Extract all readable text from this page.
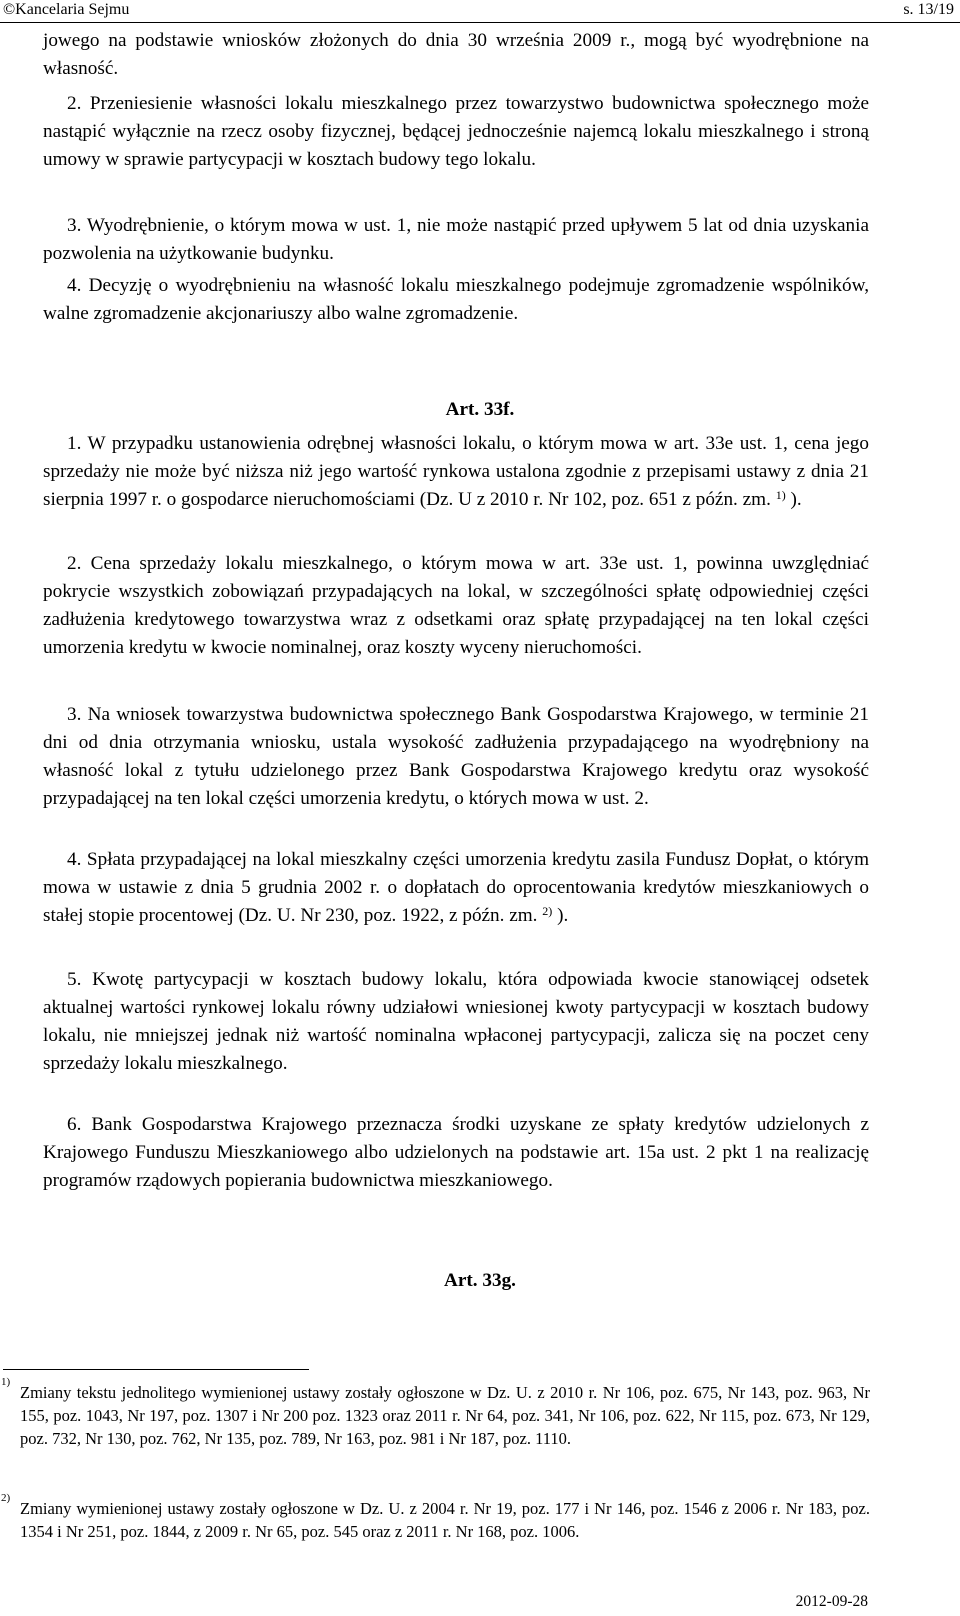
©Kancelaria Sejmu	s. 13/19
jowego na podstawie wniosków złożonych do dnia 30 września 2009 r., mogą być wyodrębnione na własność.
2. Przeniesienie własności lokalu mieszkalnego przez towarzystwo budownictwa społecznego może nastąpić wyłącznie na rzecz osoby fizycznej, będącej jednocześnie najemcą lokalu mieszkalnego i stroną umowy w sprawie partycypacji w kosztach budowy tego lokalu.
3. Wyodrębnienie, o którym mowa w ust. 1, nie może nastąpić przed upływem 5 lat od dnia uzyskania pozwolenia na użytkowanie budynku.
4. Decyzję o wyodrębnieniu na własność lokalu mieszkalnego podejmuje zgromadzenie wspólników, walne zgromadzenie akcjonariuszy albo walne zgromadzenie.
Art. 33f.
1. W przypadku ustanowienia odrębnej własności lokalu, o którym mowa w art. 33e ust. 1, cena jego sprzedaży nie może być niższa niż jego wartość rynkowa ustalona zgodnie z przepisami ustawy z dnia 21 sierpnia 1997 r. o gospodarce nieruchomościami (Dz. U z 2010 r. Nr 102, poz. 651 z późn. zm. $^{1)}$ ).
2. Cena sprzedaży lokalu mieszkalnego, o którym mowa w art. 33e ust. 1, powinna uwzględniać pokrycie wszystkich zobowiązań przypadających na lokal, w szczególności spłatę odpowiedniej części zadłużenia kredytowego towarzystwa wraz z odsetkami oraz spłatę przypadającej na ten lokal części umorzenia kredytu w kwocie nominalnej, oraz koszty wyceny nieruchomości.
3. Na wniosek towarzystwa budownictwa społecznego Bank Gospodarstwa Krajowego, w terminie 21 dni od dnia otrzymania wniosku, ustala wysokość zadłużenia przypadającego na wyodrębniony na własność lokal z tytułu udzielonego przez Bank Gospodarstwa Krajowego kredytu oraz wysokość przypadającej na ten lokal części umorzenia kredytu, o których mowa w ust. 2.
4. Spłata przypadającej na lokal mieszkalny części umorzenia kredytu zasila Fundusz Dopłat, o którym mowa w ustawie z dnia 5 grudnia 2002 r. o dopłatach do oprocentowania kredytów mieszkaniowych o stałej stopie procentowej (Dz. U. Nr 230, poz. 1922, z późn. zm. $^{2)}$ ).
5. Kwotę partycypacji w kosztach budowy lokalu, która odpowiada kwocie stanowiącej odsetek aktualnej wartości rynkowej lokalu równy udziałowi wniesionej kwoty partycypacji w kosztach budowy lokalu, nie mniejszej jednak niż wartość nominalna wpłaconej partycypacji, zalicza się na poczet ceny sprzedaży lokalu mieszkalnego.
6. Bank Gospodarstwa Krajowego przeznacza środki uzyskane ze spłaty kredytów udzielonych z Krajowego Funduszu Mieszkaniowego albo udzielonych na podstawie art. 15a ust. 2 pkt 1 na realizację programów rządowych popierania budownictwa mieszkaniowego.
Art. 33g.
1)
Zmiany tekstu jednolitego wymienionej ustawy zostały ogłoszone w Dz. U. z 2010 r. Nr 106, poz. 675, Nr 143, poz. 963, Nr 155, poz. 1043, Nr 197, poz. 1307 i Nr 200 poz. 1323 oraz 2011 r. Nr 64, poz. 341, Nr 106, poz. 622, Nr 115, poz. 673, Nr 129, poz. 732, Nr 130, poz. 762, Nr 135, poz. 789, Nr 163, poz. 981 i Nr 187, poz. 1110.
2)
Zmiany wymienionej ustawy zostały ogłoszone w Dz. U. z 2004 r. Nr 19, poz. 177 i Nr 146, poz. 1546 z 2006 r. Nr 183, poz. 1354 i Nr 251, poz. 1844, z 2009 r. Nr 65, poz. 545 oraz z 2011 r. Nr 168, poz. 1006.
2012-09-28
